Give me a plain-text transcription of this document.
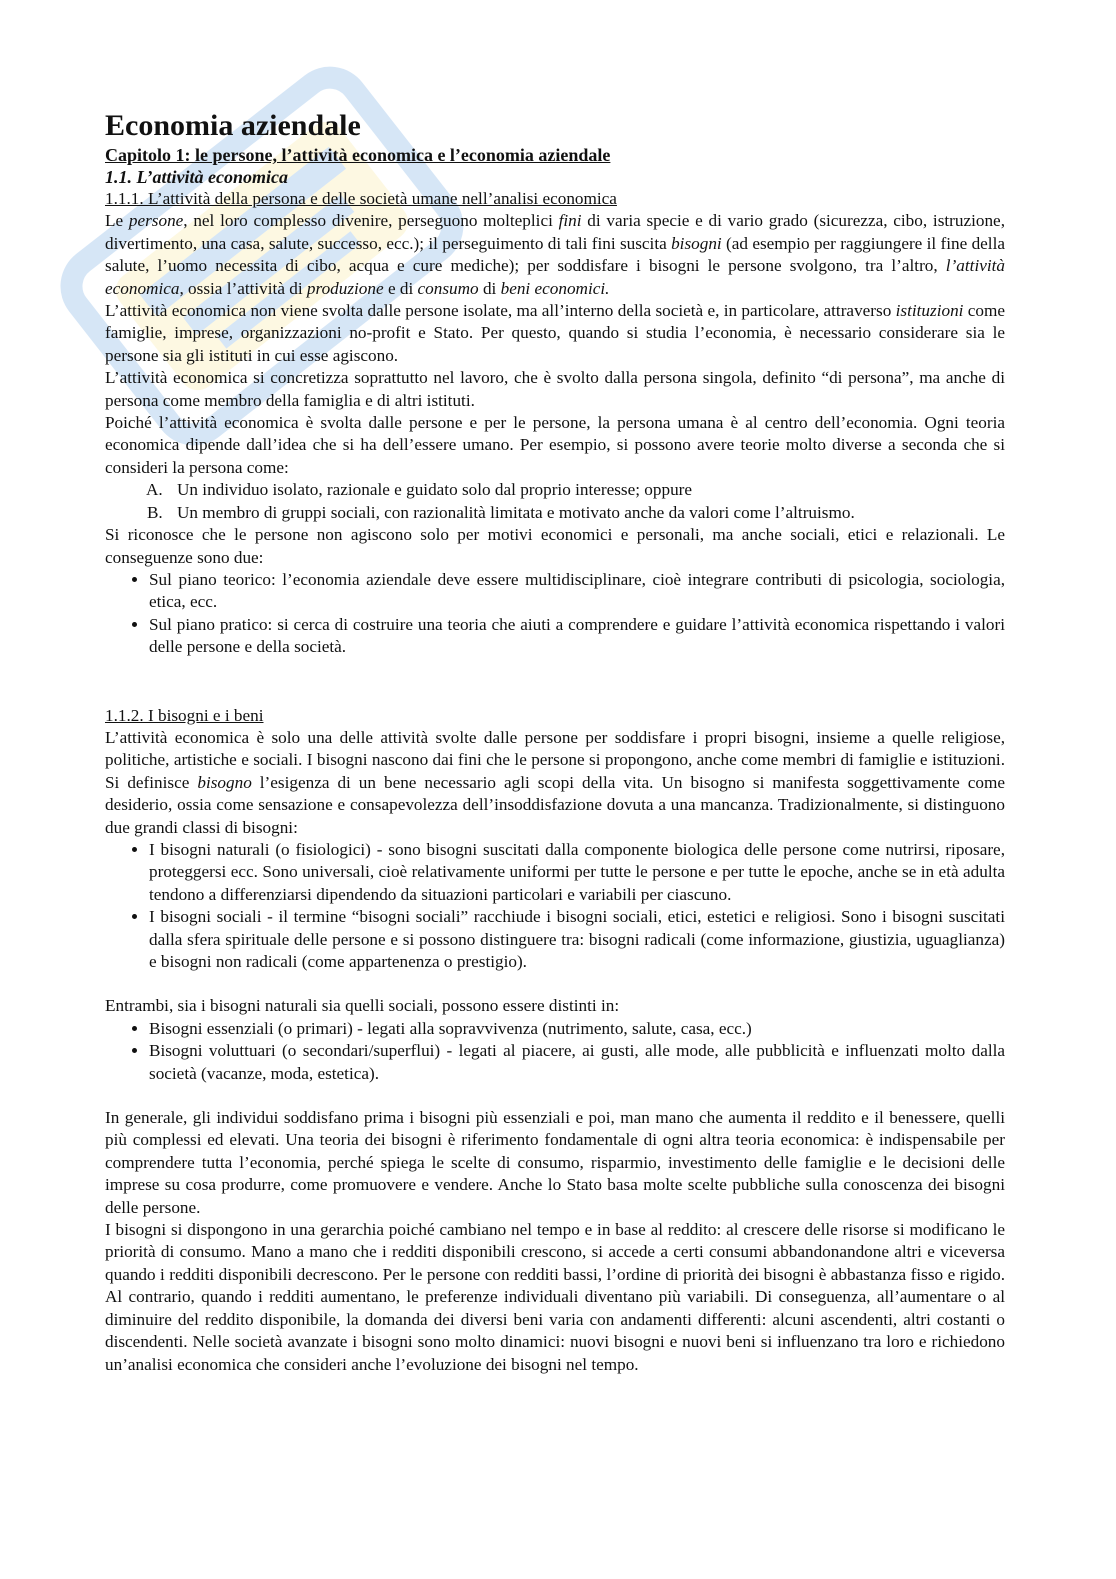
Economia aziendale
Capitolo 1: le persone, l’attività economica e l’economia aziendale
1.1. L’attività economica
1.1.1. L’attività della persona e delle società umane nell’analisi economica

Le persone, nel loro complesso divenire, perseguono molteplici fini di varia specie e di vario grado (sicurezza, cibo, istruzione, divertimento, una casa, salute, successo, ecc.); il perseguimento di tali fini suscita bisogni (ad esempio per raggiungere il fine della salute, l’uomo necessita di cibo, acqua e cure mediche); per soddisfare i bisogni le persone svolgono, tra l’altro, l’attività economica, ossia l’attività di produzione e di consumo di beni economici.

L’attività economica non viene svolta dalle persone isolate, ma all’interno della società e, in particolare, attraverso istituzioni come famiglie, imprese, organizzazioni no-profit e Stato. Per questo, quando si studia l’economia, è necessario considerare sia le persone sia gli istituti in cui esse agiscono.

L’attività economica si concretizza soprattutto nel lavoro, che è svolto dalla persona singola, definito “di persona”, ma anche di persona come membro della famiglia e di altri istituti.

Poiché l’attività economica è svolta dalle persone e per le persone, la persona umana è al centro dell’economia. Ogni teoria economica dipende dall’idea che si ha dell’essere umano. Per esempio, si possono avere teorie molto diverse a seconda che si consideri la persona come:

A. Un individuo isolato, razionale e guidato solo dal proprio interesse; oppure
B. Un membro di gruppi sociali, con razionalità limitata e motivato anche da valori come l’altruismo.

Si riconosce che le persone non agiscono solo per motivi economici e personali, ma anche sociali, etici e relazionali. Le conseguenze sono due:

• Sul piano teorico: l’economia aziendale deve essere multidisciplinare, cioè integrare contributi di psicologia, sociologia, etica, ecc.
• Sul piano pratico: si cerca di costruire una teoria che aiuti a comprendere e guidare l’attività economica rispettando i valori delle persone e della società.
1.1.2. I bisogni e i beni

L’attività economica è solo una delle attività svolte dalle persone per soddisfare i propri bisogni, insieme a quelle religiose, politiche, artistiche e sociali. I bisogni nascono dai fini che le persone si propongono, anche come membri di famiglie e istituzioni. Si definisce bisogno l’esigenza di un bene necessario agli scopi della vita. Un bisogno si manifesta soggettivamente come desiderio, ossia come sensazione e consapevolezza dell’insoddisfazione dovuta a una mancanza. Tradizionalmente, si distinguono due grandi classi di bisogni:

• I bisogni naturali (o fisiologici) - sono bisogni suscitati dalla componente biologica delle persone come nutrirsi, riposare, proteggersi ecc. Sono universali, cioè relativamente uniformi per tutte le persone e per tutte le epoche, anche se in età adulta tendono a differenziarsi dipendendo da situazioni particolari e variabili per ciascuno.
• I bisogni sociali - il termine “bisogni sociali” racchiude i bisogni sociali, etici, estetici e religiosi. Sono i bisogni suscitati dalla sfera spirituale delle persone e si possono distinguere tra: bisogni radicali (come informazione, giustizia, uguaglianza) e bisogni non radicali (come appartenenza o prestigio).

Entrambi, sia i bisogni naturali sia quelli sociali, possono essere distinti in:

• Bisogni essenziali (o primari) - legati alla sopravvivenza (nutrimento, salute, casa, ecc.)
• Bisogni voluttuari (o secondari/superflui) - legati al piacere, ai gusti, alle mode, alle pubblicità e influenzati molto dalla società (vacanze, moda, estetica).

In generale, gli individui soddisfano prima i bisogni più essenziali e poi, man mano che aumenta il reddito e il benessere, quelli più complessi ed elevati. Una teoria dei bisogni è riferimento fondamentale di ogni altra teoria economica: è indispensabile per comprendere tutta l’economia, perché spiega le scelte di consumo, risparmio, investimento delle famiglie e le decisioni delle imprese su cosa produrre, come promuovere e vendere. Anche lo Stato basa molte scelte pubbliche sulla conoscenza dei bisogni delle persone.

I bisogni si dispongono in una gerarchia poiché cambiano nel tempo e in base al reddito: al crescere delle risorse si modificano le priorità di consumo. Mano a mano che i redditi disponibili crescono, si accede a certi consumi abbandonandone altri e viceversa quando i redditi disponibili decrescono. Per le persone con redditi bassi, l’ordine di priorità dei bisogni è abbastanza fisso e rigido. Al contrario, quando i redditi aumentano, le preferenze individuali diventano più variabili. Di conseguenza, all’aumentare o al diminuire del reddito disponibile, la domanda dei diversi beni varia con andamenti differenti: alcuni ascendenti, altri costanti o discendenti. Nelle società avanzate i bisogni sono molto dinamici: nuovi bisogni e nuovi beni si influenzano tra loro e richiedono un’analisi economica che consideri anche l’evoluzione dei bisogni nel tempo.
